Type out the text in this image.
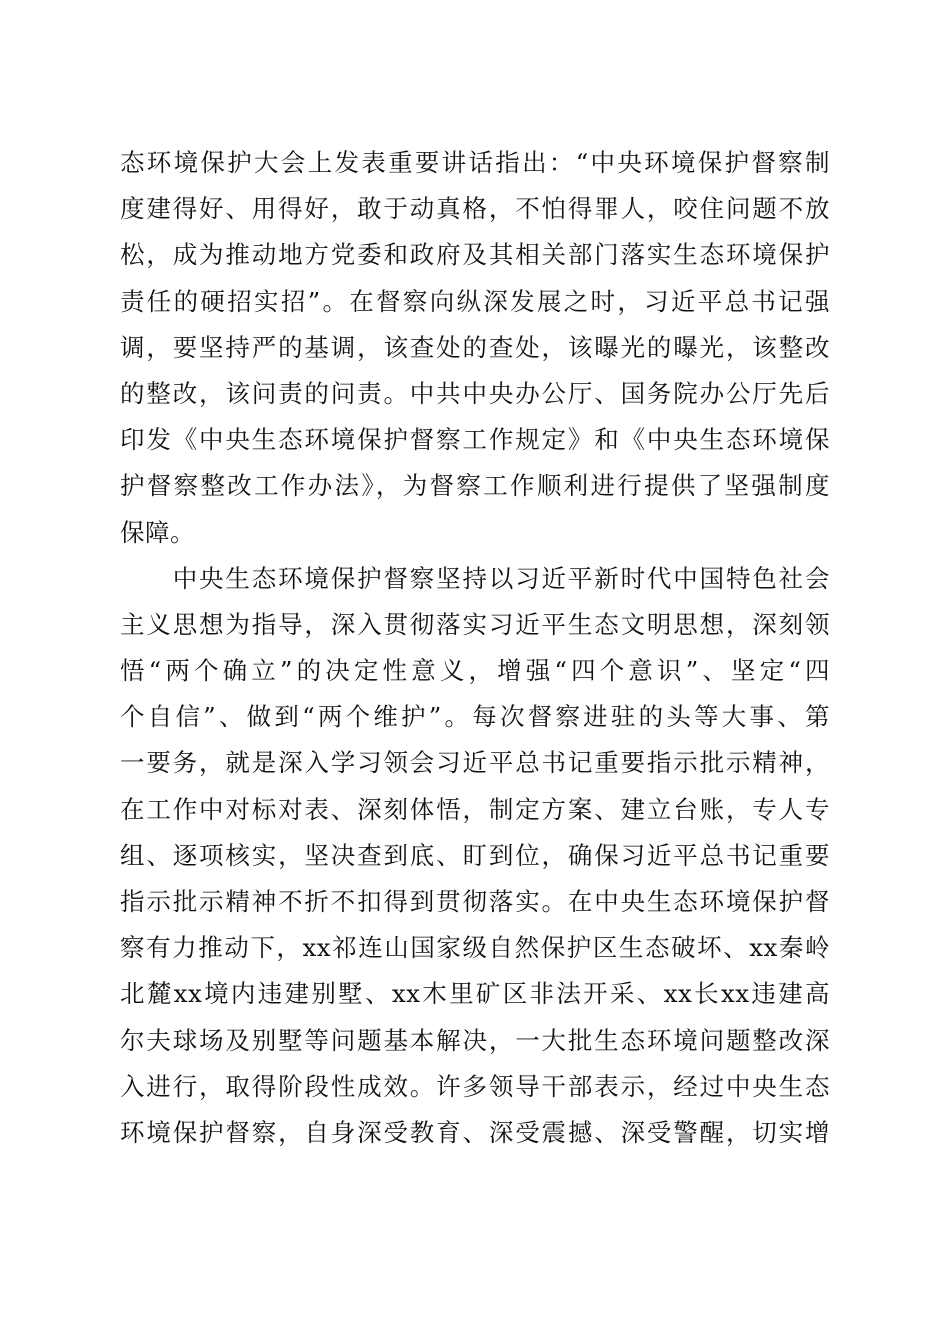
态环境保护大会上发表重要讲话指出：“中央环境保护督察制
度建得好、用得好，敢于动真格，不怕得罪人，咬住问题不放
松，成为推动地方党委和政府及其相关部门落实生态环境保护
责任的硬招实招”。在督察向纵深发展之时，习近平总书记强
调，要坚持严的基调，该查处的查处，该曝光的曝光，该整改
的整改，该问责的问责。中共中央办公厅、国务院办公厅先后
印发《中央生态环境保护督察工作规定》和《中央生态环境保
护督察整改工作办法》，为督察工作顺利进行提供了坚强制度
保障。

　　中央生态环境保护督察坚持以习近平新时代中国特色社会
主义思想为指导，深入贯彻落实习近平生态文明思想，深刻领
悟“两个确立”的决定性意义，增强“四个意识”、坚定“四
个自信”、做到“两个维护”。每次督察进驻的头等大事、第
一要务，就是深入学习领会习近平总书记重要指示批示精神，
在工作中对标对表、深刻体悟，制定方案、建立台账，专人专
组、逐项核实，坚决查到底、盯到位，确保习近平总书记重要
指示批示精神不折不扣得到贯彻落实。在中央生态环境保护督
察有力推动下，xx祁连山国家级自然保护区生态破坏、xx秦岭
北麓xx境内违建别墅、xx木里矿区非法开采、xx长xx违建高
尔夫球场及别墅等问题基本解决，一大批生态环境问题整改深
入进行，取得阶段性成效。许多领导干部表示，经过中央生态
环境保护督察，自身深受教育、深受震撼、深受警醒，切实增
